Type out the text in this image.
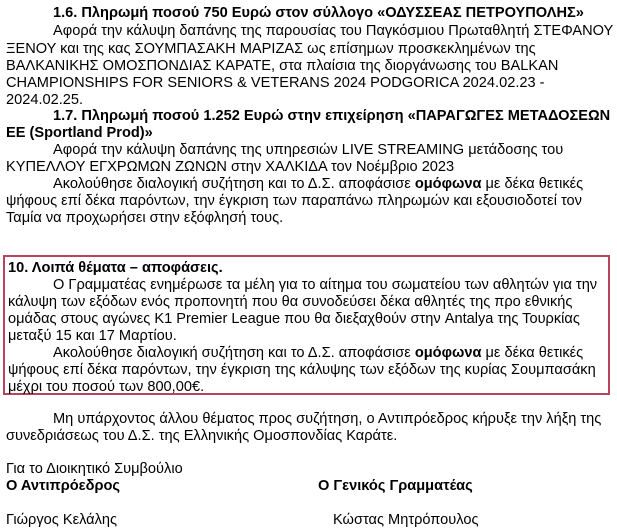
1.6. Πληρωμή ποσού 750 Ευρώ στον σύλλογο «ΟΔΥΣΣΕΑΣ ΠΕΤΡΟΥΠΟΛΗΣ»
Αφορά την κάλυψη δαπάνης της παρουσίας του Παγκόσμιου Πρωταθλητή ΣΤΕΦΑΝΟΥ
ΞΕΝΟΥ και της κας ΣΟΥΜΠΑΣΑΚΗ ΜΑΡΙΖΑΣ ως επίσημων προσκεκλημένων της
ΒΑΛΚΑΝΙΚΗΣ ΟΜΟΣΠΟΝΔΙΑΣ ΚΑΡΑΤΕ, στα πλαίσια της διοργάνωσης του BALKAN
CHAMPIONSHIPS FOR SENIORS & VETERANS 2024 PODGORICA 2024.02.23 -
2024.02.25.
1.7. Πληρωμή ποσού 1.252 Ευρώ στην επιχείρηση «ΠΑΡΑΓΩΓΕΣ ΜΕΤΑΔΟΣΕΩΝ
ΕΕ (Sportland Prod)»
Αφορά την κάλυψη δαπάνης της υπηρεσιών LIVE STREAMING μετάδοσης του
ΚΥΠΕΛΛΟΥ ΕΓΧΡΩΜΩΝ ΖΩΝΩΝ στην ΧΑΛΚΙΔΑ τον Νοέμβριο 2023
Ακολούθησε διαλογική συζήτηση και το Δ.Σ. αποφάσισε ομόφωνα με δέκα θετικές
ψήφους επί δέκα παρόντων, την έγκριση των παραπάνω πληρωμών και εξουσιοδοτεί τον
Ταμία να προχωρήσει στην εξόφλησή τους.
10. Λοιπά θέματα – αποφάσεις.
Ο Γραμματέας ενημέρωσε τα μέλη για το αίτημα του σωματείου των αθλητών για την
κάλυψη των εξόδων ενός προπονητή που θα συνοδεύσει δέκα αθλητές της προ εθνικής
ομάδας στους αγώνες K1 Premier League που θα διεξαχθούν στην Antalya της Τουρκίας
μεταξύ 15 και 17 Μαρτίου.
Ακολούθησε διαλογική συζήτηση και το Δ.Σ. αποφάσισε ομόφωνα με δέκα θετικές
ψήφους επί δέκα παρόντων, την έγκριση της κάλυψης των εξόδων της κυρίας Σουμπασάκη
μέχρι του ποσού των 800,00€.
Μη υπάρχοντος άλλου θέματος προς συζήτηση, ο Αντιπρόεδρος κήρυξε την λήξη της
συνεδριάσεως του Δ.Σ. της Ελληνικής Ομοσπονδίας Καράτε.
Για το Διοικητικό Συμβούλιο
Ο Αντιπρόεδρος	Ο Γενικός Γραμματέας
Γιώργος Κελάλης	Κώστας Μητρόπουλος
